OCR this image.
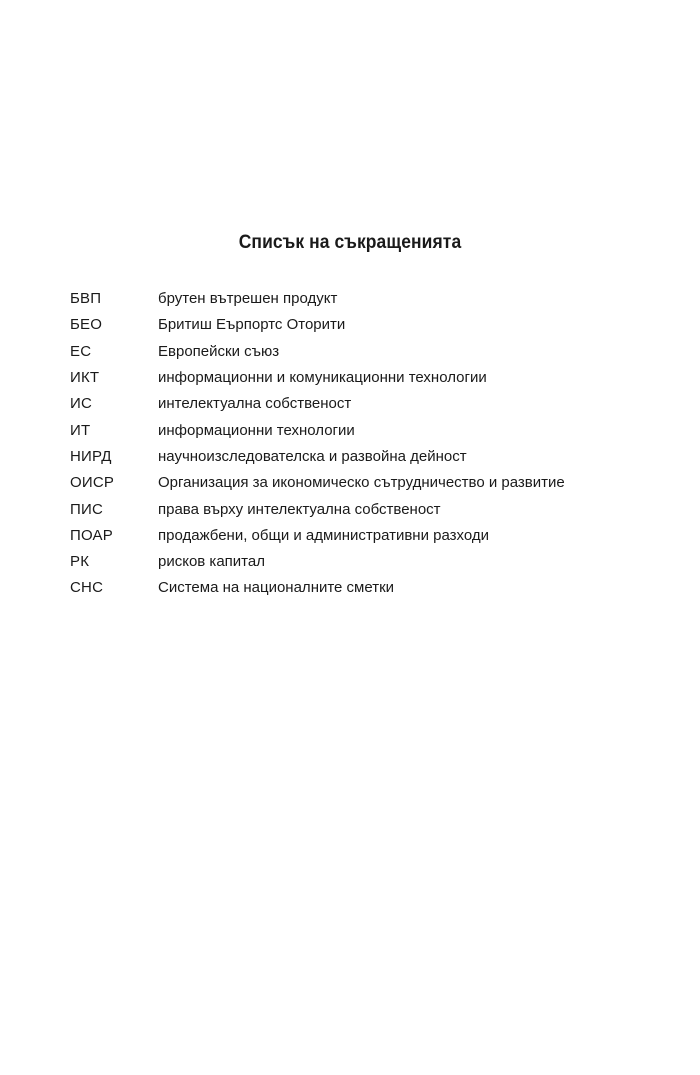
Списък на съкращенията
БВП	брутен вътрешен продукт
БЕО	Бритиш Еърпортс Оторити
ЕС	Европейски съюз
ИКТ	информационни и комуникационни технологии
ИС	интелектуална собственост
ИТ	информационни технологии
НИРД	научноизследователска и развойна дейност
ОИСР	Организация за икономическо сътрудничество и развитие
ПИС	права върху интелектуална собственост
ПОАР	продажбени, общи и административни разходи
РК	рисков капитал
СНС	Система на националните сметки
